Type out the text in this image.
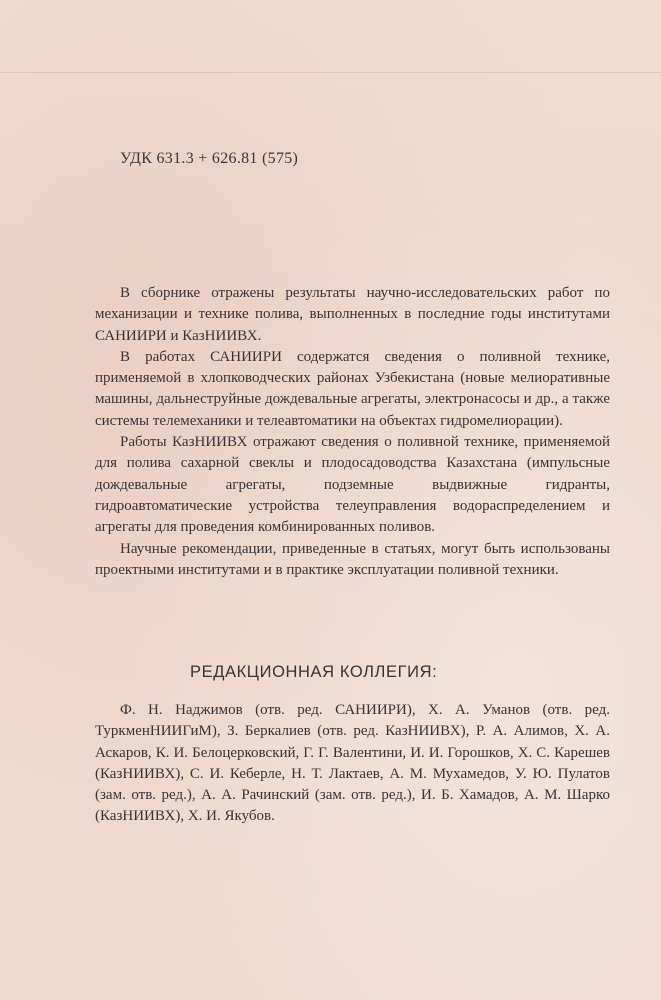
УДК 631.3 + 626.81 (575)

В сборнике отражены результаты научно-исследовательских работ по механизации и технике полива, выполненных в последние годы институтами САНИИРИ и КазНИИВХ.

В работах САНИИРИ содержатся сведения о поливной технике, применяемой в хлопководческих районах Узбекистана (новые мелиоративные машины, дальнеструйные дождевальные агрегаты, электронасосы и др., а также системы телемеханики и телеавтоматики на объектах гидромелиорации).

Работы КазНИИВХ отражают сведения о поливной технике, применяемой для полива сахарной свеклы и плодосадоводства Казахстана (импульсные дождевальные агрегаты, подземные выдвижные гидранты, гидроавтоматические устройства телеуправления водораспределением и агрегаты для проведения комбинированных поливов.

Научные рекомендации, приведенные в статьях, могут быть использованы проектными институтами и в практике эксплуатации поливной техники.

РЕДАКЦИОННАЯ КОЛЛЕГИЯ:
Ф. Н. Наджимов (отв. ред. САНИИРИ), Х. А. Уманов (отв. ред. ТуркменНИИГиМ), З. Беркалиев (отв. ред. КазНИИВХ), Р. А. Алимов, Х. А. Аскаров, К. И. Белоцерковский, Г. Г. Валентини, И. И. Горошков, Х. С. Карешев (КазНИИВХ), С. И. Кеберле, Н. Т. Лактаев, А. М. Мухамедов, У. Ю. Пулатов (зам. отв. ред.), А. А. Рачинский (зам. отв. ред.), И. Б. Хамадов, А. М. Шарко (КазНИИВХ), Х. И. Якубов.
